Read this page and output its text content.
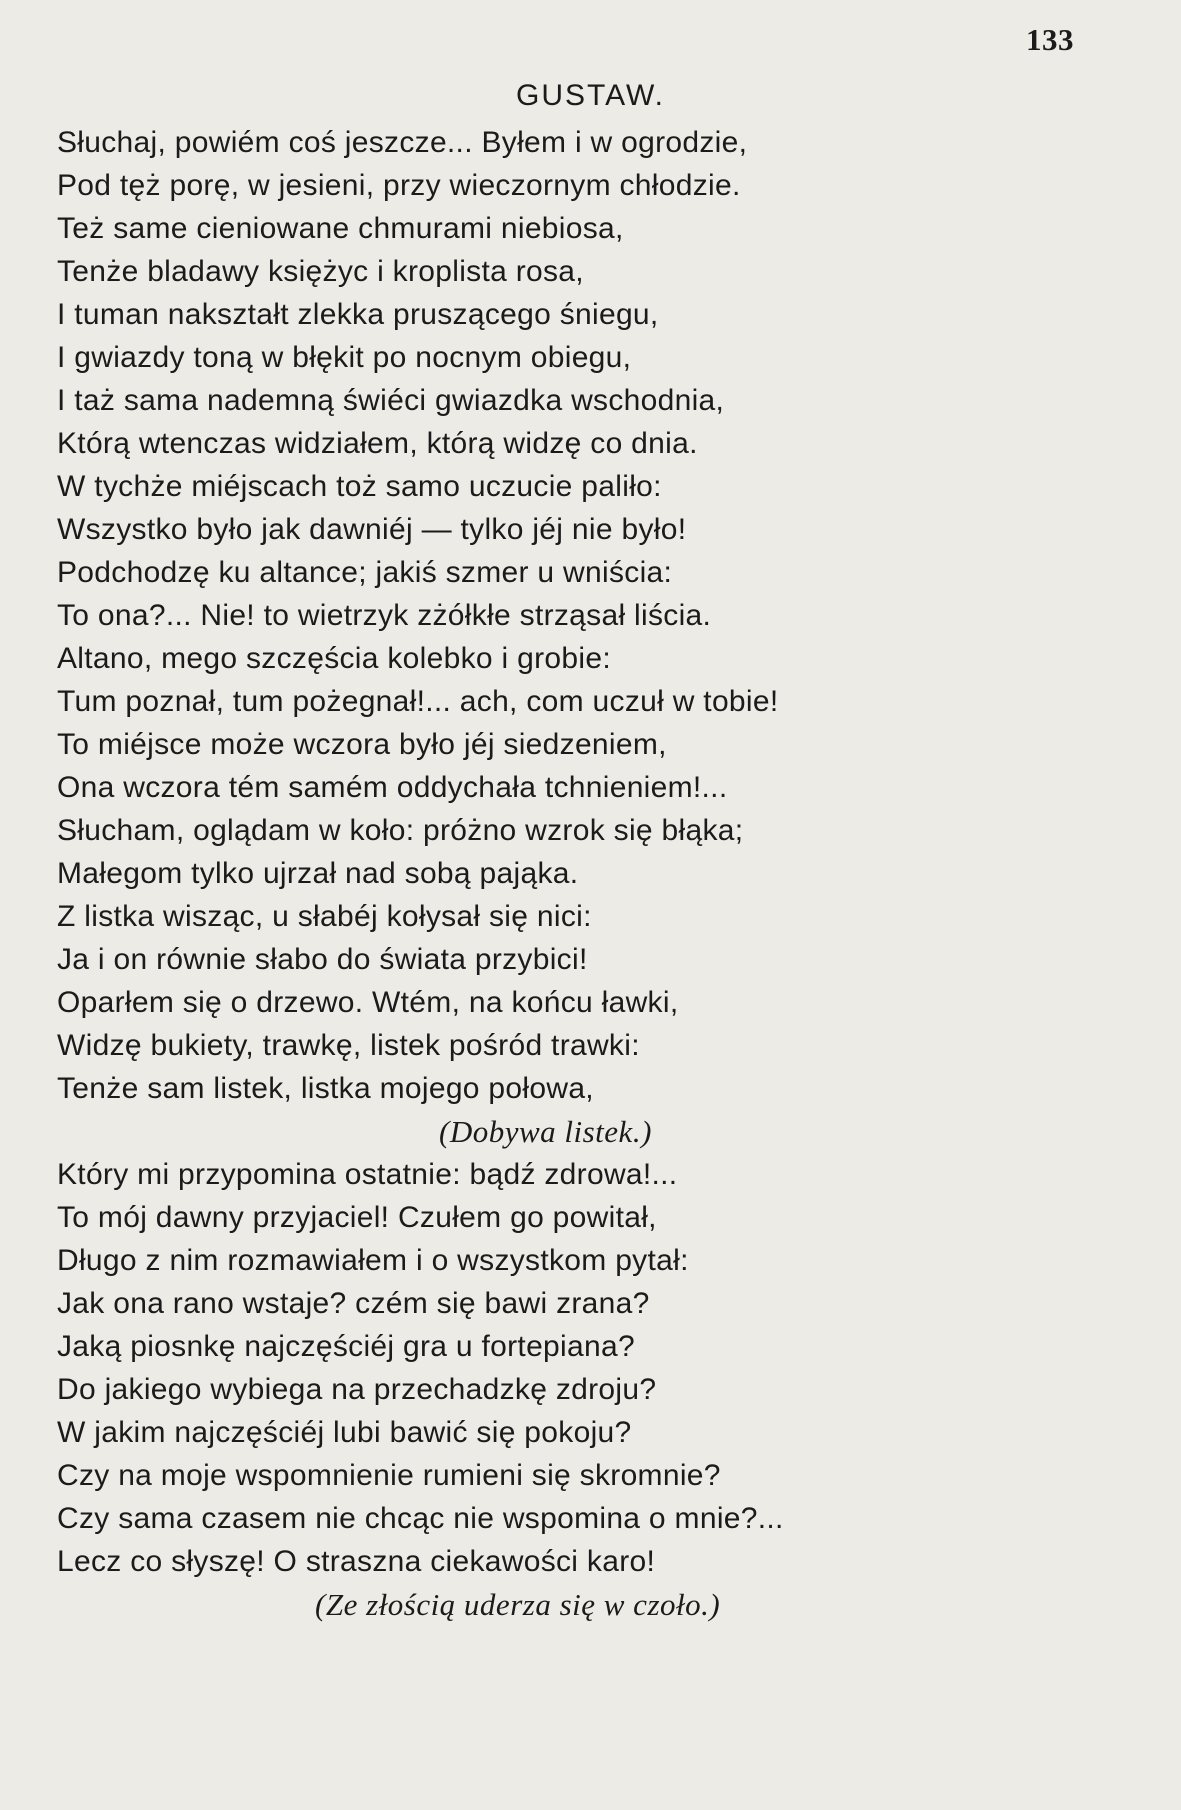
133
GUSTAW.
Słuchaj, powiém coś jeszcze... Byłem i w ogrodzie,
Pod tęż porę, w jesieni, przy wieczornym chłodzie.
Też same cieniowane chmurami niebiosa,
Tenże bladawy księżyc i kroplista rosa,
I tuman nakształt zlekka pruszącego śniegu,
I gwiazdy toną w błękit po nocnym obiegu,
I taż sama nademną świéci gwiazdka wschodnia,
Którą wtenczas widziałem, którą widzę co dnia.
W tychże miéjscach toż samo uczucie paliło:
Wszystko było jak dawniéj — tylko jéj nie było!
Podchodzę ku altance; jakiś szmer u wniścia:
To ona?... Nie! to wietrzyk zżółkłe strząsał liścia.
Altano, mego szczęścia kolebko i grobie:
Tum poznał, tum pożegnał!... ach, com uczuł w tobie!
To miéjsce może wczora było jéj siedzeniem,
Ona wczora tém samém oddychała tchnieniem!...
Słucham, oglądam w koło: próżno wzrok się błąka;
Małegom tylko ujrzał nad sobą pająka.
Z listka wisząc, u słabéj kołysał się nici:
Ja i on równie słabo do świata przybici!
Oparłem się o drzewo. Wtém, na końcu ławki,
Widzę bukiety, trawkę, listek pośród trawki:
Tenże sam listek, listka mojego połowa,
(Dobywa listek.)
Który mi przypomina ostatnie: bądź zdrowa!...
To mój dawny przyjaciel! Czułem go powitał,
Długo z nim rozmawiałem i o wszystkom pytał:
Jak ona rano wstaje? czém się bawi zrana?
Jaką piosnkę najczęściéj gra u fortepiana?
Do jakiego wybiega na przechadzkę zdroju?
W jakim najczęściéj lubi bawić się pokoju?
Czy na moje wspomnienie rumieni się skromnie?
Czy sama czasem nie chcąc nie wspomina o mnie?...
Lecz co słyszę! O straszna ciekawości karo!
(Ze złością uderza się w czoło.)
